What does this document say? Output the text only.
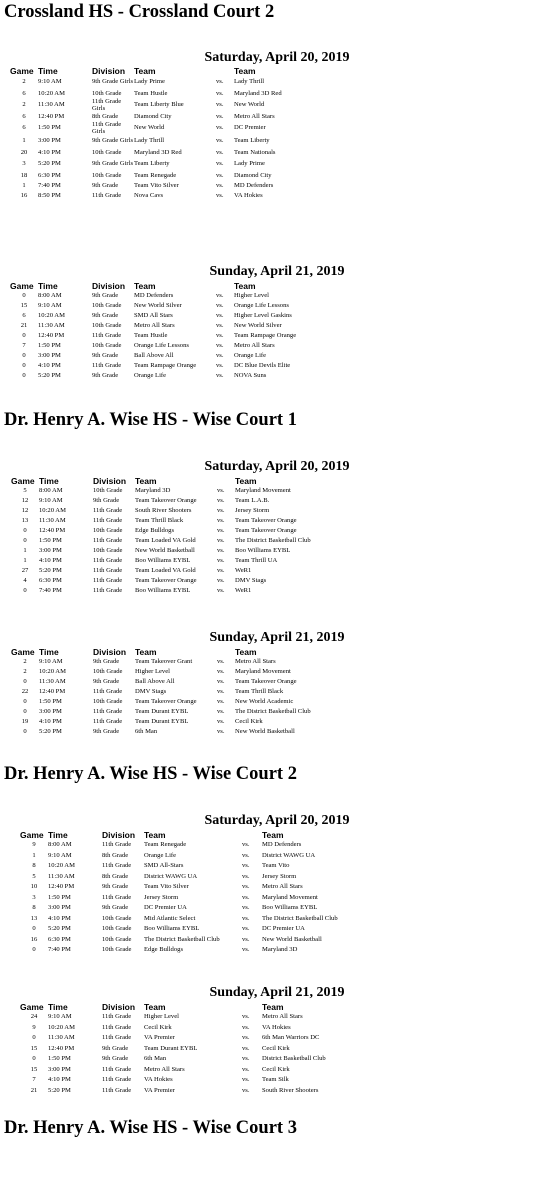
Crossland HS - Crossland Court 2
Saturday, April 20, 2019
Game	Time	Division	Team		Team
2	9:10 AM	9th Grade Girls	Lady Prime	vs.	Lady Thrill
6	10:20 AM	10th Grade	Team Hustle	vs.	Maryland 3D Red
2	11:30 AM	11th Grade Girls	Team Liberty Blue	vs.	New World
6	12:40 PM	8th Grade	Diamond City	vs.	Metro All Stars
6	1:50 PM	11th Grade Girls	New World	vs.	DC Premier
1	3:00 PM	9th Grade Girls	Lady Thrill	vs.	Team Liberty
20	4:10 PM	10th Grade	Maryland 3D Red	vs.	Team Nationals
3	5:20 PM	9th Grade Girls	Team Liberty	vs.	Lady Prime
18	6:30 PM	10th Grade	Team Renegade	vs.	Diamond City
1	7:40 PM	9th Grade	Team Vito Silver	vs.	MD Defenders
16	8:50 PM	11th Grade	Nova Cavs	vs.	VA Hokies
Sunday, April 21, 2019
Game	Time	Division	Team		Team
0	8:00 AM	9th Grade	MD Defenders	vs.	Higher Level
15	9:10 AM	10th Grade	New World Silver	vs.	Orange Life Lessons
6	10:20 AM	9th Grade	SMD All Stars	vs.	Higher Level Gaskins
21	11:30 AM	10th Grade	Metro All Stars	vs.	New World Silver
0	12:40 PM	11th Grade	Team Hustle	vs.	Team Rampage Orange
7	1:50 PM	10th Grade	Orange Life Lessons	vs.	Metro All Stars
0	3:00 PM	9th Grade	Ball Above All	vs.	Orange Life
0	4:10 PM	11th Grade	Team Rampage Orange	vs.	DC Blue Devils Elite
0	5:20 PM	9th Grade	Orange Life	vs.	NOVA Suns
Dr. Henry A. Wise HS - Wise Court 1
Saturday, April 20, 2019
Game	Time	Division	Team		Team
5	8:00 AM	10th Grade	Maryland 3D	vs.	Maryland Movement
12	9:10 AM	9th Grade	Team Takeover Orange	vs.	Team L.A.B.
12	10:20 AM	11th Grade	South River Shooters	vs.	Jersey Storm
13	11:30 AM	11th Grade	Team Thrill Black	vs.	Team Takeover Orange
0	12:40 PM	10th Grade	Edge Bulldogs	vs.	Team Takeover Orange
0	1:50 PM	11th Grade	Team Loaded VA Gold	vs.	The District Basketball Club
1	3:00 PM	10th Grade	New World Basketball	vs.	Boo Williams EYBL
1	4:10 PM	11th Grade	Boo Williams EYBL	vs.	Team Thrill UA
27	5:20 PM	11th Grade	Team Loaded VA Gold	vs.	WeR1
4	6:30 PM	11th Grade	Team Takeover Orange	vs.	DMV Stags
0	7:40 PM	11th Grade	Boo Williams EYBL	vs.	WeR1
Sunday, April 21, 2019
Game	Time	Division	Team		Team
2	9:10 AM	9th Grade	Team Takeover Grant	vs.	Metro All Stars
2	10:20 AM	10th Grade	Higher Level	vs.	Maryland Movement
0	11:30 AM	9th Grade	Ball Above All	vs.	Team Takeover Orange
22	12:40 PM	11th Grade	DMV Stags	vs.	Team Thrill Black
0	1:50 PM	10th Grade	Team Takeover Orange	vs.	New World Academic
0	3:00 PM	11th Grade	Team Durant EYBL	vs.	The District Basketball Club
19	4:10 PM	11th Grade	Team Durant EYBL	vs.	Cecil Kirk
0	5:20 PM	9th Grade	6th Man	vs.	New World Basketball
Dr. Henry A. Wise HS - Wise Court 2
Saturday, April 20, 2019
Game	Time	Division	Team		Team
9	8:00 AM	11th Grade	Team Renegade	vs.	MD Defenders
1	9:10 AM	8th Grade	Orange Life	vs.	District WAWG UA
8	10:20 AM	11th Grade	SMD All-Stars	vs.	Team Vito
5	11:30 AM	8th Grade	District WAWG UA	vs.	Jersey Storm
10	12:40 PM	9th Grade	Team Vito Silver	vs.	Metro All Stars
3	1:50 PM	11th Grade	Jersey Storm	vs.	Maryland Movement
8	3:00 PM	9th Grade	DC Premier UA	vs.	Boo Williams EYBL
13	4:10 PM	10th Grade	Mid Atlantic Select	vs.	The District Basketball Club
0	5:20 PM	10th Grade	Boo Williams EYBL	vs.	DC Premier UA
16	6:30 PM	10th Grade	The District Basketball Club	vs.	New World Basketball
0	7:40 PM	10th Grade	Edge Bulldogs	vs.	Maryland 3D
Sunday, April 21, 2019
Game	Time	Division	Team		Team
24	9:10 AM	11th Grade	Higher Level	vs.	Metro All Stars
9	10:20 AM	11th Grade	Cecil Kirk	vs.	VA Hokies
0	11:30 AM	11th Grade	VA Premier	vs.	6th Man Warriors DC
15	12:40 PM	9th Grade	Team Durant EYBL	vs.	Cecil Kirk
0	1:50 PM	9th Grade	6th Man	vs.	District Basketball Club
15	3:00 PM	11th Grade	Metro All Stars	vs.	Cecil Kirk
7	4:10 PM	11th Grade	VA Hokies	vs.	Team Silk
21	5:20 PM	11th Grade	VA Premier	vs.	South River Shooters
Dr. Henry A. Wise HS - Wise Court 3
